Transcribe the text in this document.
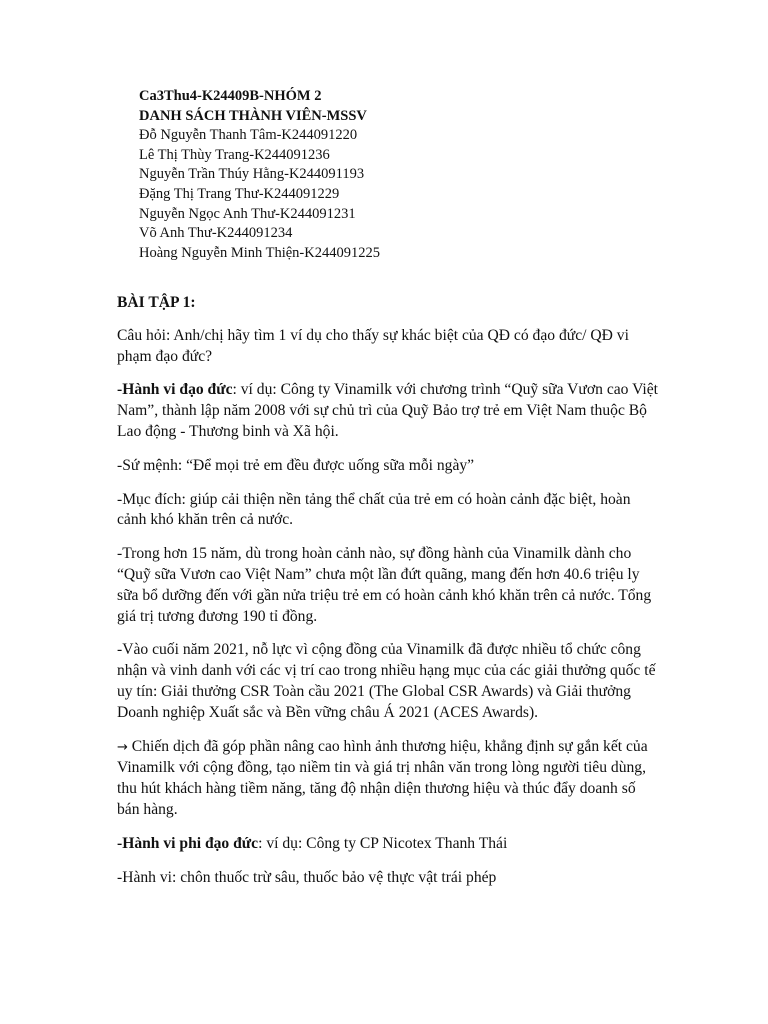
Ca3Thu4-K24409B-NHÓM 2
DANH SÁCH THÀNH VIÊN-MSSV
Đỗ Nguyễn Thanh Tâm-K244091220
Lê Thị Thùy Trang-K244091236
Nguyễn Trần Thúy Hằng-K244091193
Đặng Thị Trang Thư-K244091229
Nguyễn Ngọc Anh Thư-K244091231
Võ Anh Thư-K244091234
Hoàng Nguyễn Minh Thiện-K244091225

BÀI TẬP 1:

Câu hỏi: Anh/chị hãy tìm 1 ví dụ cho thấy sự khác biệt của QĐ có đạo đức/ QĐ vi phạm đạo đức?

-Hành vi đạo đức: ví dụ: Công ty Vinamilk với chương trình “Quỹ sữa Vươn cao Việt Nam”, thành lập năm 2008 với sự chủ trì của Quỹ Bảo trợ trẻ em Việt Nam thuộc Bộ Lao động - Thương binh và Xã hội.

-Sứ mệnh: “Để mọi trẻ em đều được uống sữa mỗi ngày”

-Mục đích: giúp cải thiện nền tảng thể chất của trẻ em có hoàn cảnh đặc biệt, hoàn cảnh khó khăn trên cả nước.

-Trong hơn 15 năm, dù trong hoàn cảnh nào, sự đồng hành của Vinamilk dành cho “Quỹ sữa Vươn cao Việt Nam” chưa một lần đứt quãng, mang đến hơn 40.6 triệu ly sữa bổ dưỡng đến với gần nửa triệu trẻ em có hoàn cảnh khó khăn trên cả nước. Tổng giá trị tương đương 190 tỉ đồng.

-Vào cuối năm 2021, nỗ lực vì cộng đồng của Vinamilk đã được nhiều tổ chức công nhận và vinh danh với các vị trí cao trong nhiều hạng mục của các giải thưởng quốc tế uy tín: Giải thưởng CSR Toàn cầu 2021 (The Global CSR Awards) và Giải thưởng Doanh nghiệp Xuất sắc và Bền vững châu Á 2021 (ACES Awards).

→ Chiến dịch đã góp phần nâng cao hình ảnh thương hiệu, khẳng định sự gắn kết của Vinamilk với cộng đồng, tạo niềm tin và giá trị nhân văn trong lòng người tiêu dùng, thu hút khách hàng tiềm năng, tăng độ nhận diện thương hiệu và thúc đẩy doanh số bán hàng.

-Hành vi phi đạo đức: ví dụ: Công ty CP Nicotex Thanh Thái

-Hành vi: chôn thuốc trừ sâu, thuốc bảo vệ thực vật trái phép
